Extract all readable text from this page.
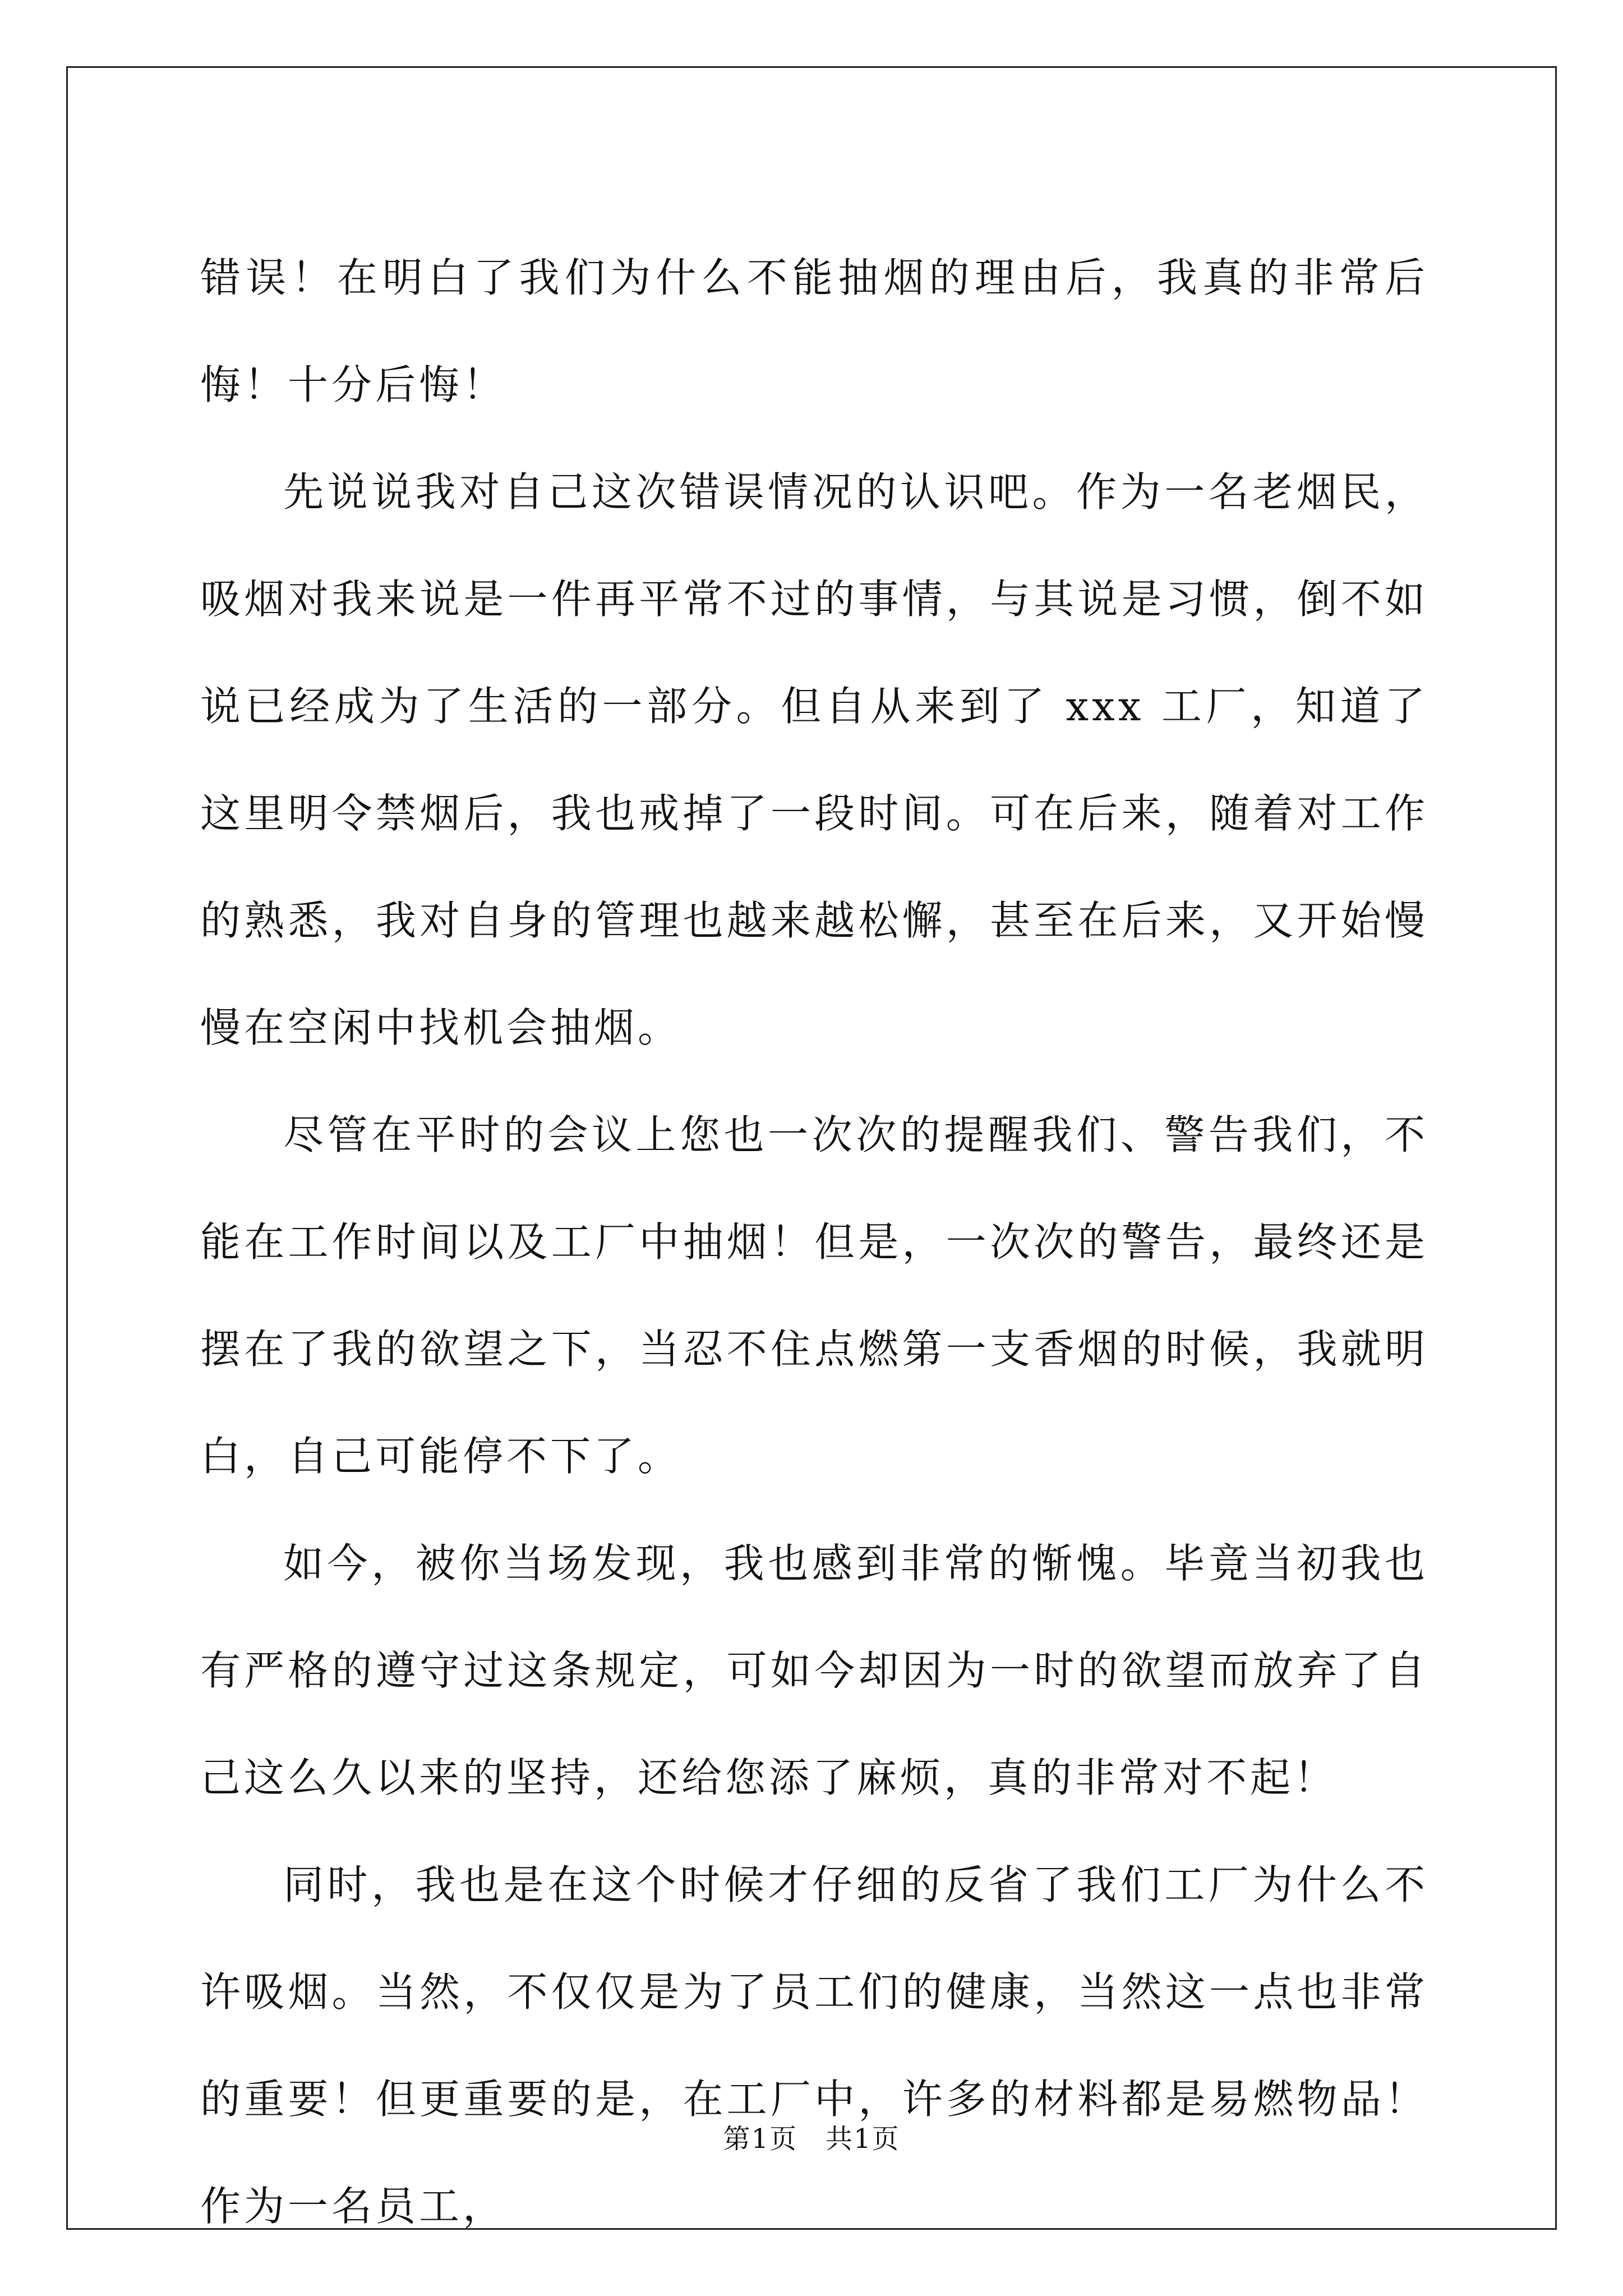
错误！在明白了我们为什么不能抽烟的理由后，我真的非常后悔！十分后悔！

先说说我对自己这次错误情况的认识吧。作为一名老烟民，吸烟对我来说是一件再平常不过的事情，与其说是习惯，倒不如说已经成为了生活的一部分。但自从来到了 xxx 工厂，知道了这里明令禁烟后，我也戒掉了一段时间。可在后来，随着对工作的熟悉，我对自身的管理也越来越松懈，甚至在后来，又开始慢慢在空闲中找机会抽烟。

尽管在平时的会议上您也一次次的提醒我们、警告我们，不能在工作时间以及工厂中抽烟！但是，一次次的警告，最终还是摆在了我的欲望之下，当忍不住点燃第一支香烟的时候，我就明白，自己可能停不下了。

如今，被你当场发现，我也感到非常的惭愧。毕竟当初我也有严格的遵守过这条规定，可如今却因为一时的欲望而放弃了自己这么久以来的坚持，还给您添了麻烦，真的非常对不起！

同时，我也是在这个时候才仔细的反省了我们工厂为什么不许吸烟。当然，不仅仅是为了员工们的健康，当然这一点也非常的重要！但更重要的是，在工厂中，许多的材料都是易燃物品！作为一名员工，

第1页　共1页
